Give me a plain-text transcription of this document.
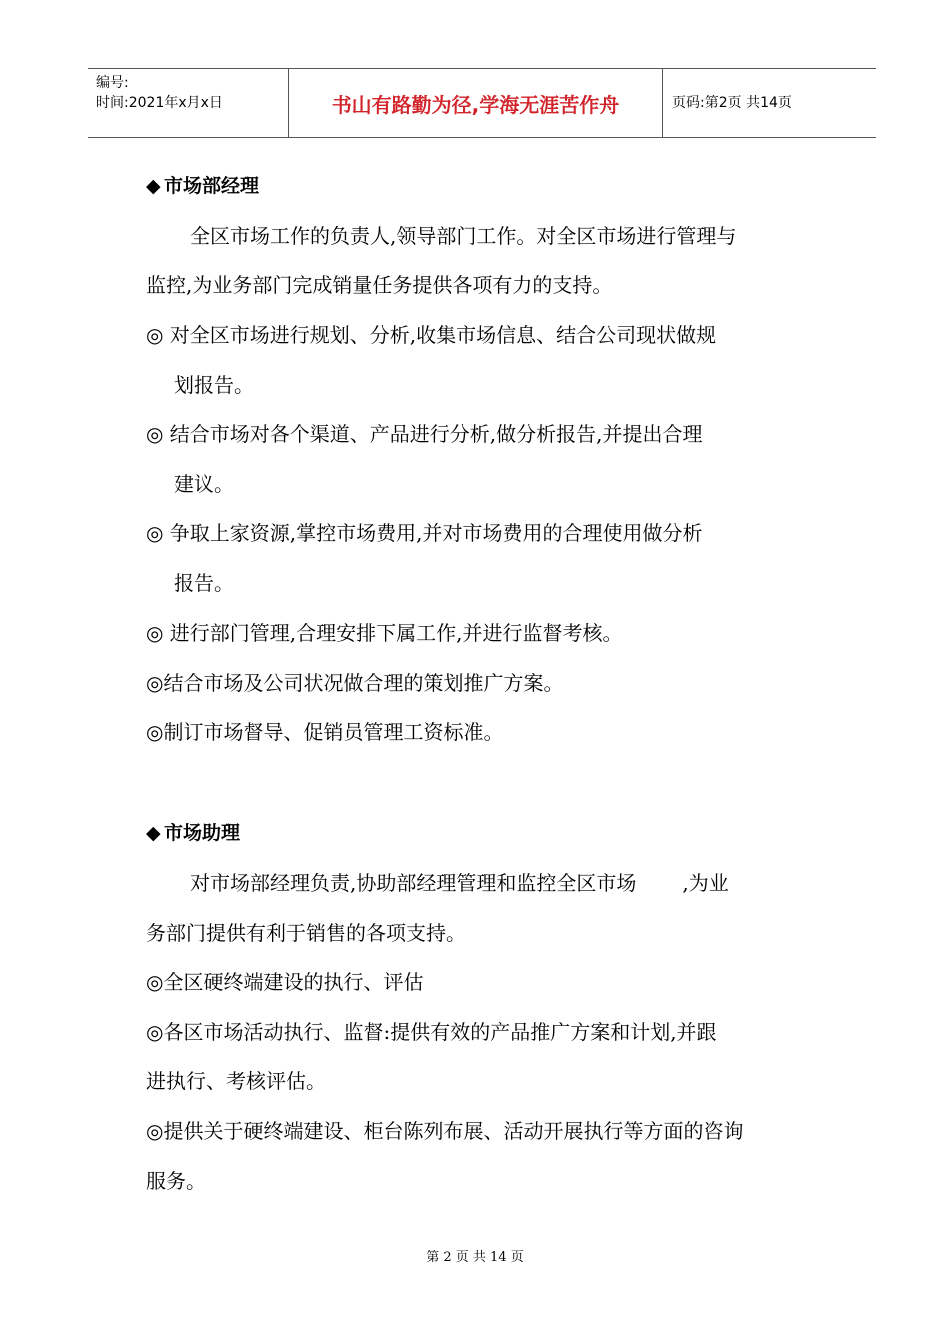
编号:
时间:2021年x月x日	书山有路勤为径,学海无涯苦作舟	页码:第2页 共14页
◆ 市场部经理
全区市场工作的负责人,领导部门工作。对全区市场进行管理与
监控,为业务部门完成销量任务提供各项有力的支持。
◎ 对全区市场进行规划、分析,收集市场信息、结合公司现状做规
划报告。
◎ 结合市场对各个渠道、产品进行分析,做分析报告,并提出合理
建议。
◎ 争取上家资源,掌控市场费用,并对市场费用的合理使用做分析
报告。
◎ 进行部门管理,合理安排下属工作,并进行监督考核。
◎结合市场及公司状况做合理的策划推广方案。
◎制订市场督导、促销员管理工资标准。
◆ 市场助理
对市场部经理负责,协助部经理管理和监控全区市场 ,为业
务部门提供有利于销售的各项支持。
◎全区硬终端建设的执行、评估
◎各区市场活动执行、监督:提供有效的产品推广方案和计划,并跟
进执行、考核评估。
◎提供关于硬终端建设、柜台陈列布展、活动开展执行等方面的咨询
服务。
第 2 页 共 14 页
